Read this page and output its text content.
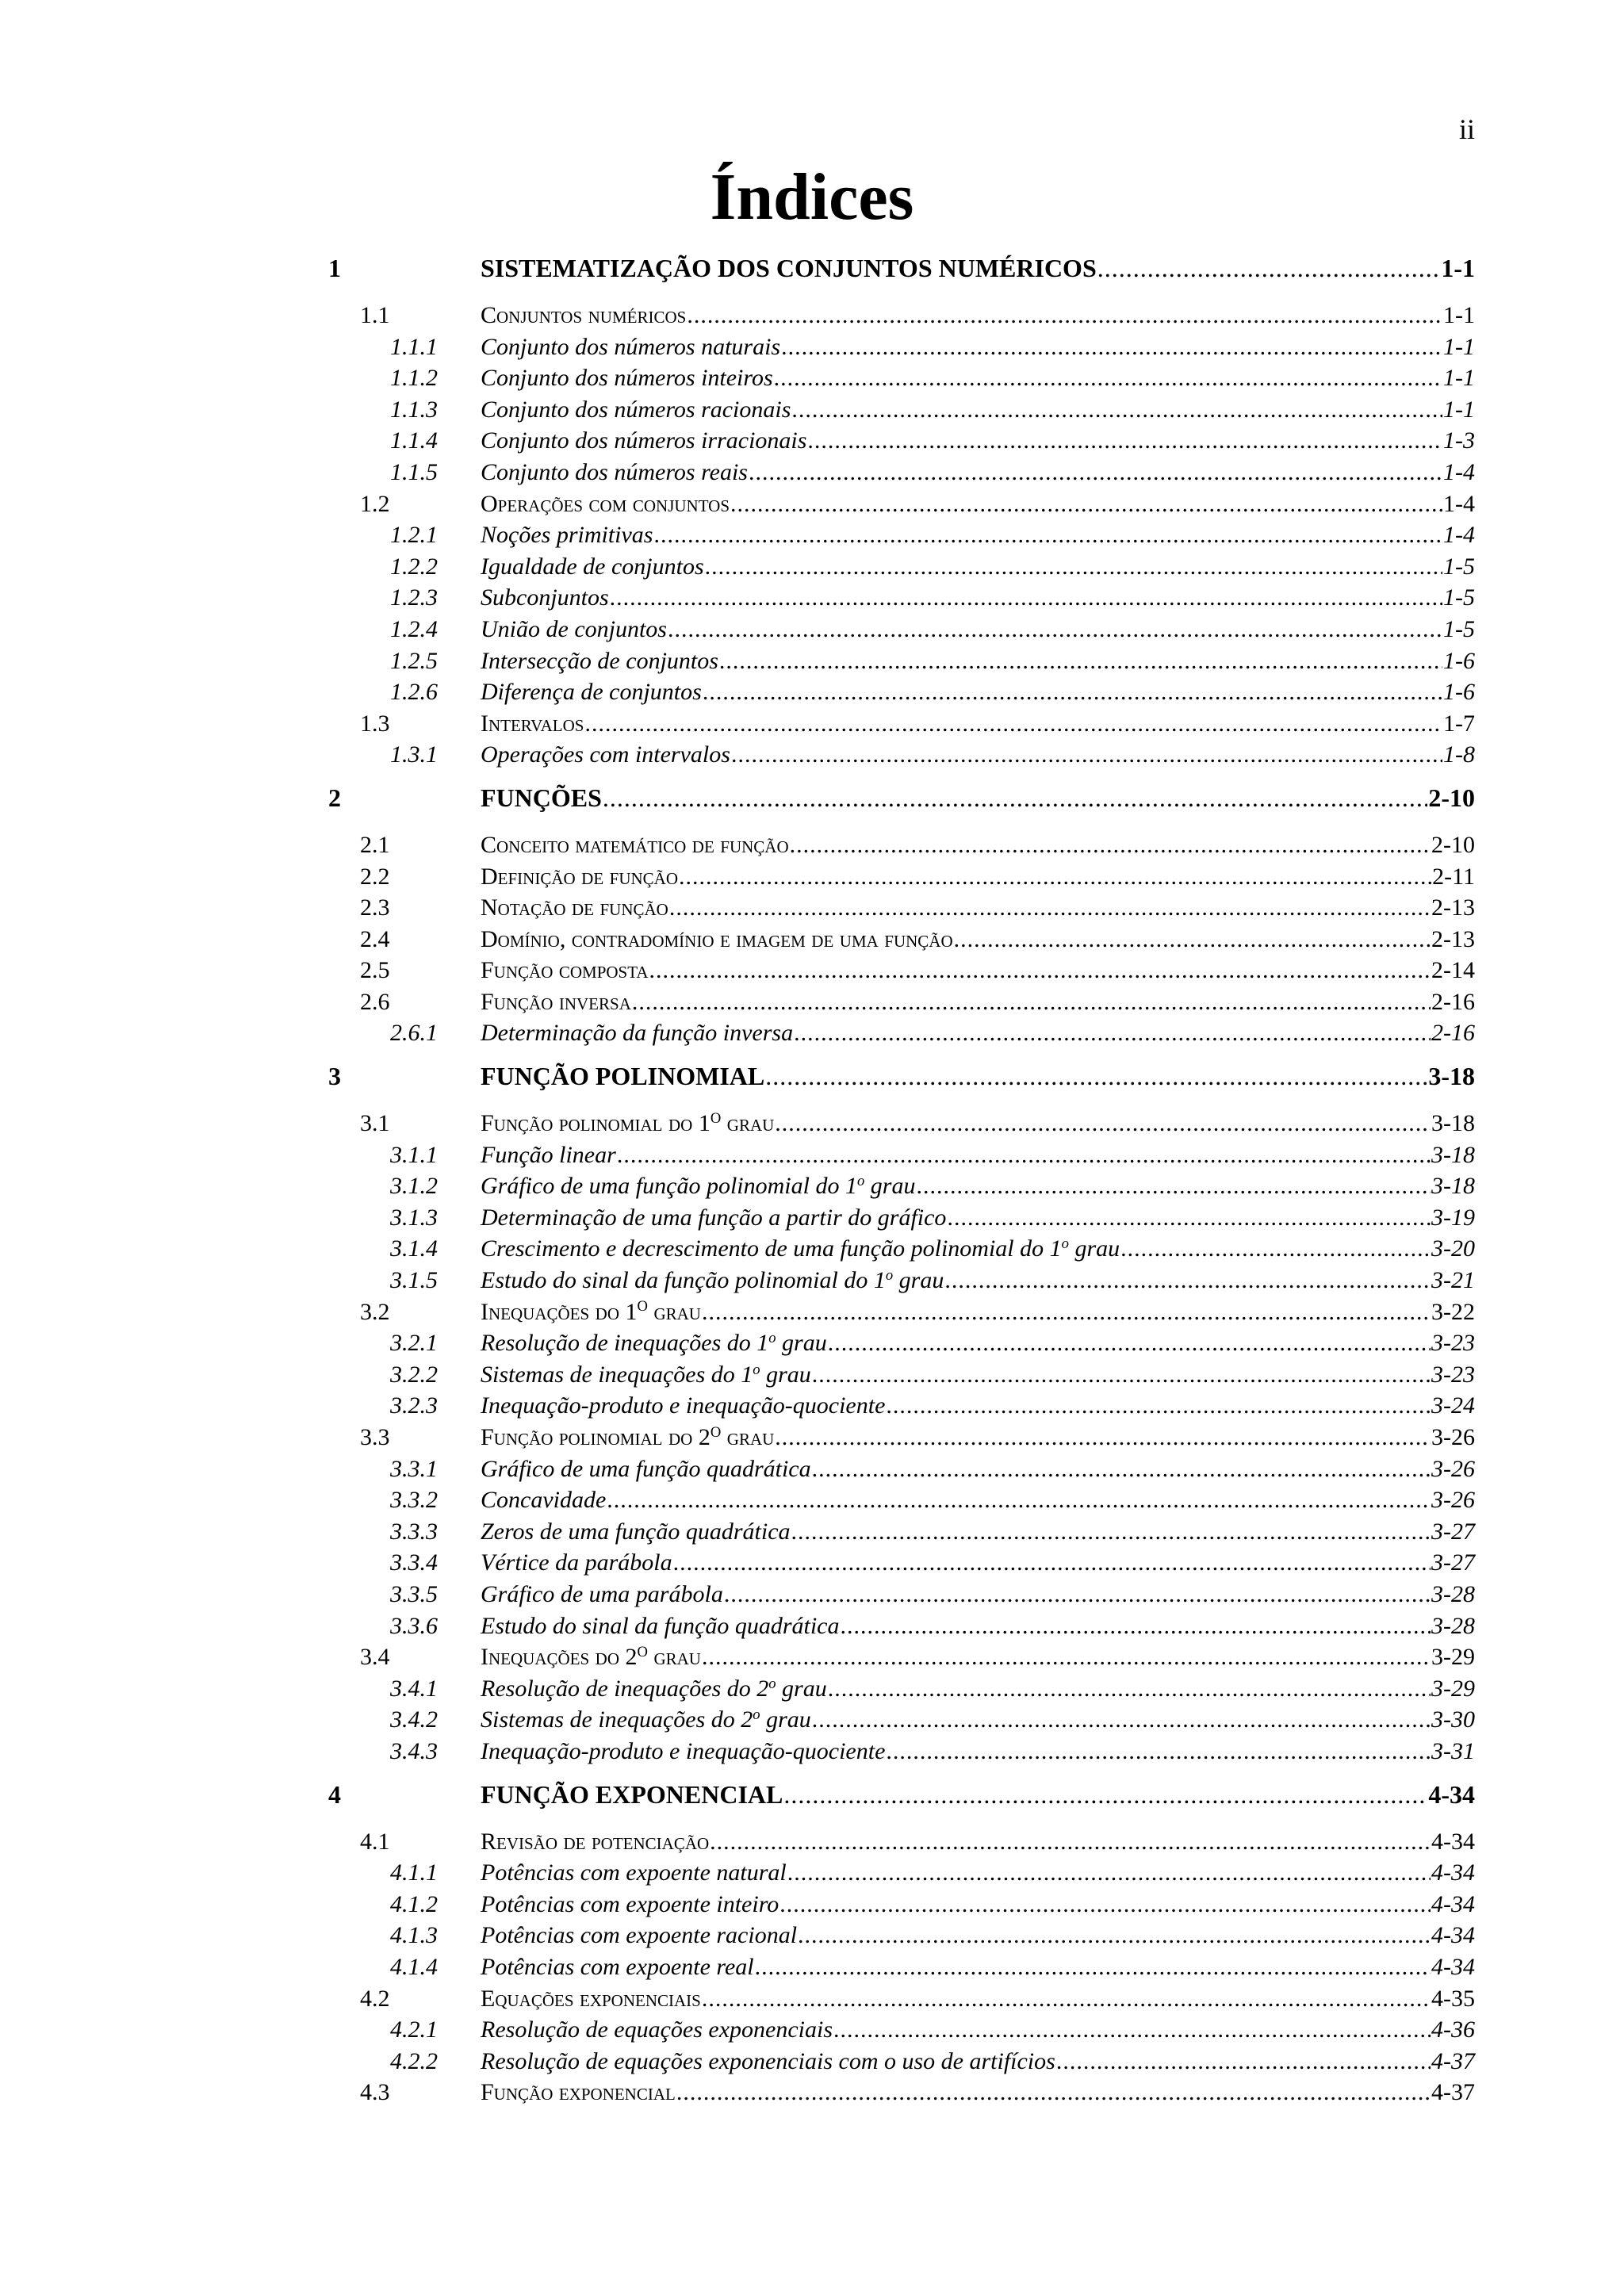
ii
Índices
1	SISTEMATIZAÇÃO DOS CONJUNTOS NUMÉRICOS .....	1-1
1.1	Conjuntos numéricos .....	1-1
1.1.1	Conjunto dos números naturais .....	1-1
1.1.2	Conjunto dos números inteiros .....	1-1
1.1.3	Conjunto dos números racionais .....	1-1
1.1.4	Conjunto dos números irracionais .....	1-3
1.1.5	Conjunto dos números reais .....	1-4
1.2	Operações com conjuntos .....	1-4
1.2.1	Noções primitivas .....	1-4
1.2.2	Igualdade de conjuntos .....	1-5
1.2.3	Subconjuntos .....	1-5
1.2.4	União de conjuntos .....	1-5
1.2.5	Intersecção de conjuntos .....	1-6
1.2.6	Diferença de conjuntos .....	1-6
1.3	Intervalos .....	1-7
1.3.1	Operações com intervalos .....	1-8
2	FUNÇÕES .....	2-10
2.1	Conceito matemático de função .....	2-10
2.2	Definição de função .....	2-11
2.3	Notação de função .....	2-13
2.4	Domínio, contradomínio e imagem de uma função .....	2-13
2.5	Função composta .....	2-14
2.6	Função inversa .....	2-16
2.6.1	Determinação da função inversa .....	2-16
3	FUNÇÃO POLINOMIAL .....	3-18
3.1	Função polinomial do $1^O$ grau .....	3-18
3.1.1	Função linear .....	3-18
3.1.2	Gráfico de uma função polinomial do 1$^o$ grau .....	3-18
3.1.3	Determinação de uma função a partir do gráfico .....	3-19
3.1.4	Crescimento e decrescimento de uma função polinomial do 1$^o$ grau .....	3-20
3.1.5	Estudo do sinal da função polinomial do 1$^o$ grau .....	3-21
3.2	Inequações do $1^O$ grau .....	3-22
3.2.1	Resolução de inequações do 1$^o$ grau .....	3-23
3.2.2	Sistemas de inequações do 1$^o$ grau .....	3-23
3.2.3	Inequação-produto e inequação-quociente .....	3-24
3.3	Função polinomial do $2^O$ grau .....	3-26
3.3.1	Gráfico de uma função quadrática .....	3-26
3.3.2	Concavidade .....	3-26
3.3.3	Zeros de uma função quadrática .....	3-27
3.3.4	Vértice da parábola .....	3-27
3.3.5	Gráfico de uma parábola .....	3-28
3.3.6	Estudo do sinal da função quadrática .....	3-28
3.4	Inequações do $2^O$ grau .....	3-29
3.4.1	Resolução de inequações do 2$^o$ grau .....	3-29
3.4.2	Sistemas de inequações do 2$^o$ grau .....	3-30
3.4.3	Inequação-produto e inequação-quociente .....	3-31
4	FUNÇÃO EXPONENCIAL .....	4-34
4.1	Revisão de potenciação .....	4-34
4.1.1	Potências com expoente natural .....	4-34
4.1.2	Potências com expoente inteiro .....	4-34
4.1.3	Potências com expoente racional .....	4-34
4.1.4	Potências com expoente real .....	4-34
4.2	Equações exponenciais .....	4-35
4.2.1	Resolução de equações exponenciais .....	4-36
4.2.2	Resolução de equações exponenciais com o uso de artifícios .....	4-37
4.3	Função exponencial .....	4-37
